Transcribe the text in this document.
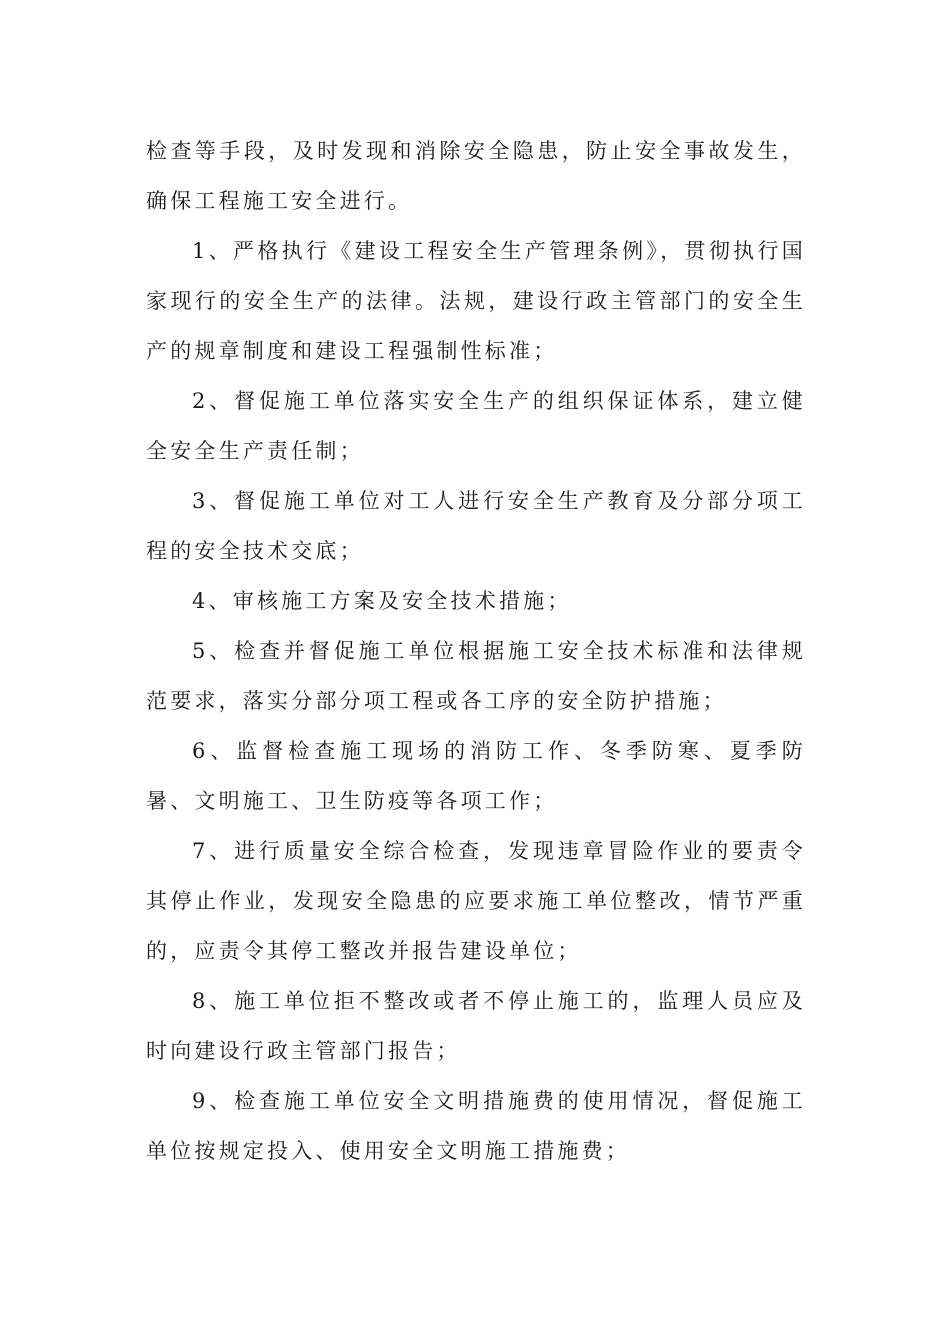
检查等手段，及时发现和消除安全隐患，防止安全事故发生，确保工程施工安全进行。

1、严格执行《建设工程安全生产管理条例》，贯彻执行国家现行的安全生产的法律。法规，建设行政主管部门的安全生产的规章制度和建设工程强制性标准；

2、督促施工单位落实安全生产的组织保证体系，建立健全安全生产责任制；

3、督促施工单位对工人进行安全生产教育及分部分项工程的安全技术交底；

4、审核施工方案及安全技术措施；

5、检查并督促施工单位根据施工安全技术标准和法律规范要求，落实分部分项工程或各工序的安全防护措施；

6、监督检查施工现场的消防工作、冬季防寒、夏季防暑、文明施工、卫生防疫等各项工作；

7、进行质量安全综合检查，发现违章冒险作业的要责令其停止作业，发现安全隐患的应要求施工单位整改，情节严重的，应责令其停工整改并报告建设单位；

8、施工单位拒不整改或者不停止施工的，监理人员应及时向建设行政主管部门报告；

9、检查施工单位安全文明措施费的使用情况，督促施工单位按规定投入、使用安全文明施工措施费；
